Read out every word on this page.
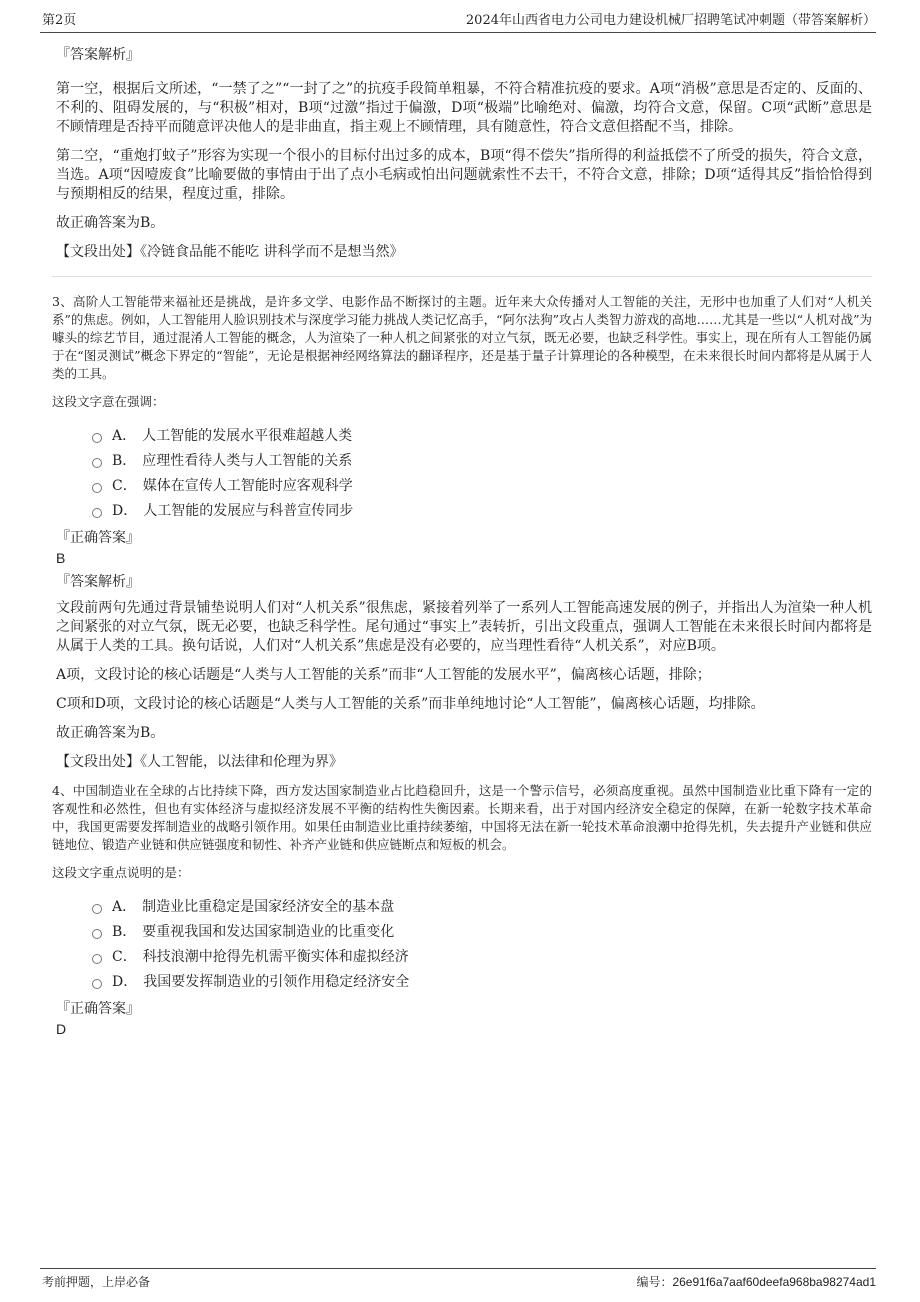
第2页	2024年山西省电力公司电力建设机械厂招聘笔试冲刺题（带答案解析）
『答案解析』

第一空，根据后文所述，“一禁了之”“一封了之”的抗疫手段简单粗暴，不符合精准抗疫的要求。A项“消极”意思是否定的、反面的、不利的、阻碍发展的，与“积极”相对，B项“过激”指过于偏激，D项“极端”比喻绝对、偏激，均符合文意，保留。C项“武断”意思是不顾情理是否持平而随意评决他人的是非曲直，指主观上不顾情理，具有随意性，符合文意但搭配不当，排除。

第二空，“重炮打蚊子”形容为实现一个很小的目标付出过多的成本，B项“得不偿失”指所得的利益抵偿不了所受的损失，符合文意，当选。A项“因噎废食”比喻要做的事情由于出了点小毛病或怕出问题就索性不去干，不符合文意，排除；D项“适得其反”指恰恰得到与预期相反的结果，程度过重，排除。

故正确答案为B。

【文段出处】《冷链食品能不能吃 讲科学而不是想当然》

3、高阶人工智能带来福祉还是挑战，是许多文学、电影作品不断探讨的主题。近年来大众传播对人工智能的关注，无形中也加重了人们对“人机关系”的焦虑。例如，人工智能用人脸识别技术与深度学习能力挑战人类记忆高手，“阿尔法狗”攻占人类智力游戏的高地……尤其是一些以“人机对战”为噱头的综艺节目，通过混淆人工智能的概念，人为渲染了一种人机之间紧张的对立气氛，既无必要，也缺乏科学性。事实上，现在所有人工智能仍属于在“图灵测试”概念下界定的“智能”，无论是根据神经网络算法的翻译程序，还是基于量子计算理论的各种模型，在未来很长时间内都将是从属于人类的工具。

这段文字意在强调：

A． 人工智能的发展水平很难超越人类
B． 应理性看待人类与人工智能的关系
C． 媒体在宣传人工智能时应客观科学
D． 人工智能的发展应与科普宣传同步
『正确答案』
B
『答案解析』

文段前两句先通过背景铺垫说明人们对“人机关系”很焦虑，紧接着列举了一系列人工智能高速发展的例子，并指出人为渲染一种人机之间紧张的对立气氛，既无必要，也缺乏科学性。尾句通过“事实上”表转折，引出文段重点，强调人工智能在未来很长时间内都将是从属于人类的工具。换句话说，人们对“人机关系”焦虑是没有必要的，应当理性看待“人机关系”，对应B项。

A项，文段讨论的核心话题是“人类与人工智能的关系”而非“人工智能的发展水平”，偏离核心话题，排除；

C项和D项，文段讨论的核心话题是“人类与人工智能的关系”而非单纯地讨论“人工智能”，偏离核心话题，均排除。

故正确答案为B。

【文段出处】《人工智能，以法律和伦理为界》

4、中国制造业在全球的占比持续下降，西方发达国家制造业占比趋稳回升，这是一个警示信号，必须高度重视。虽然中国制造业比重下降有一定的客观性和必然性，但也有实体经济与虚拟经济发展不平衡的结构性失衡因素。长期来看，出于对国内经济安全稳定的保障，在新一轮数字技术革命中，我国更需要发挥制造业的战略引领作用。如果任由制造业比重持续萎缩，中国将无法在新一轮技术革命浪潮中抢得先机，失去提升产业链和供应链地位、锻造产业链和供应链强度和韧性、补齐产业链和供应链断点和短板的机会。

这段文字重点说明的是：

A． 制造业比重稳定是国家经济安全的基本盘
B． 要重视我国和发达国家制造业的比重变化
C． 科技浪潮中抢得先机需平衡实体和虚拟经济
D． 我国要发挥制造业的引领作用稳定经济安全
『正确答案』
D
考前押题，上岸必备	编号：26e91f6a7aaf60deefa968ba98274ad1
